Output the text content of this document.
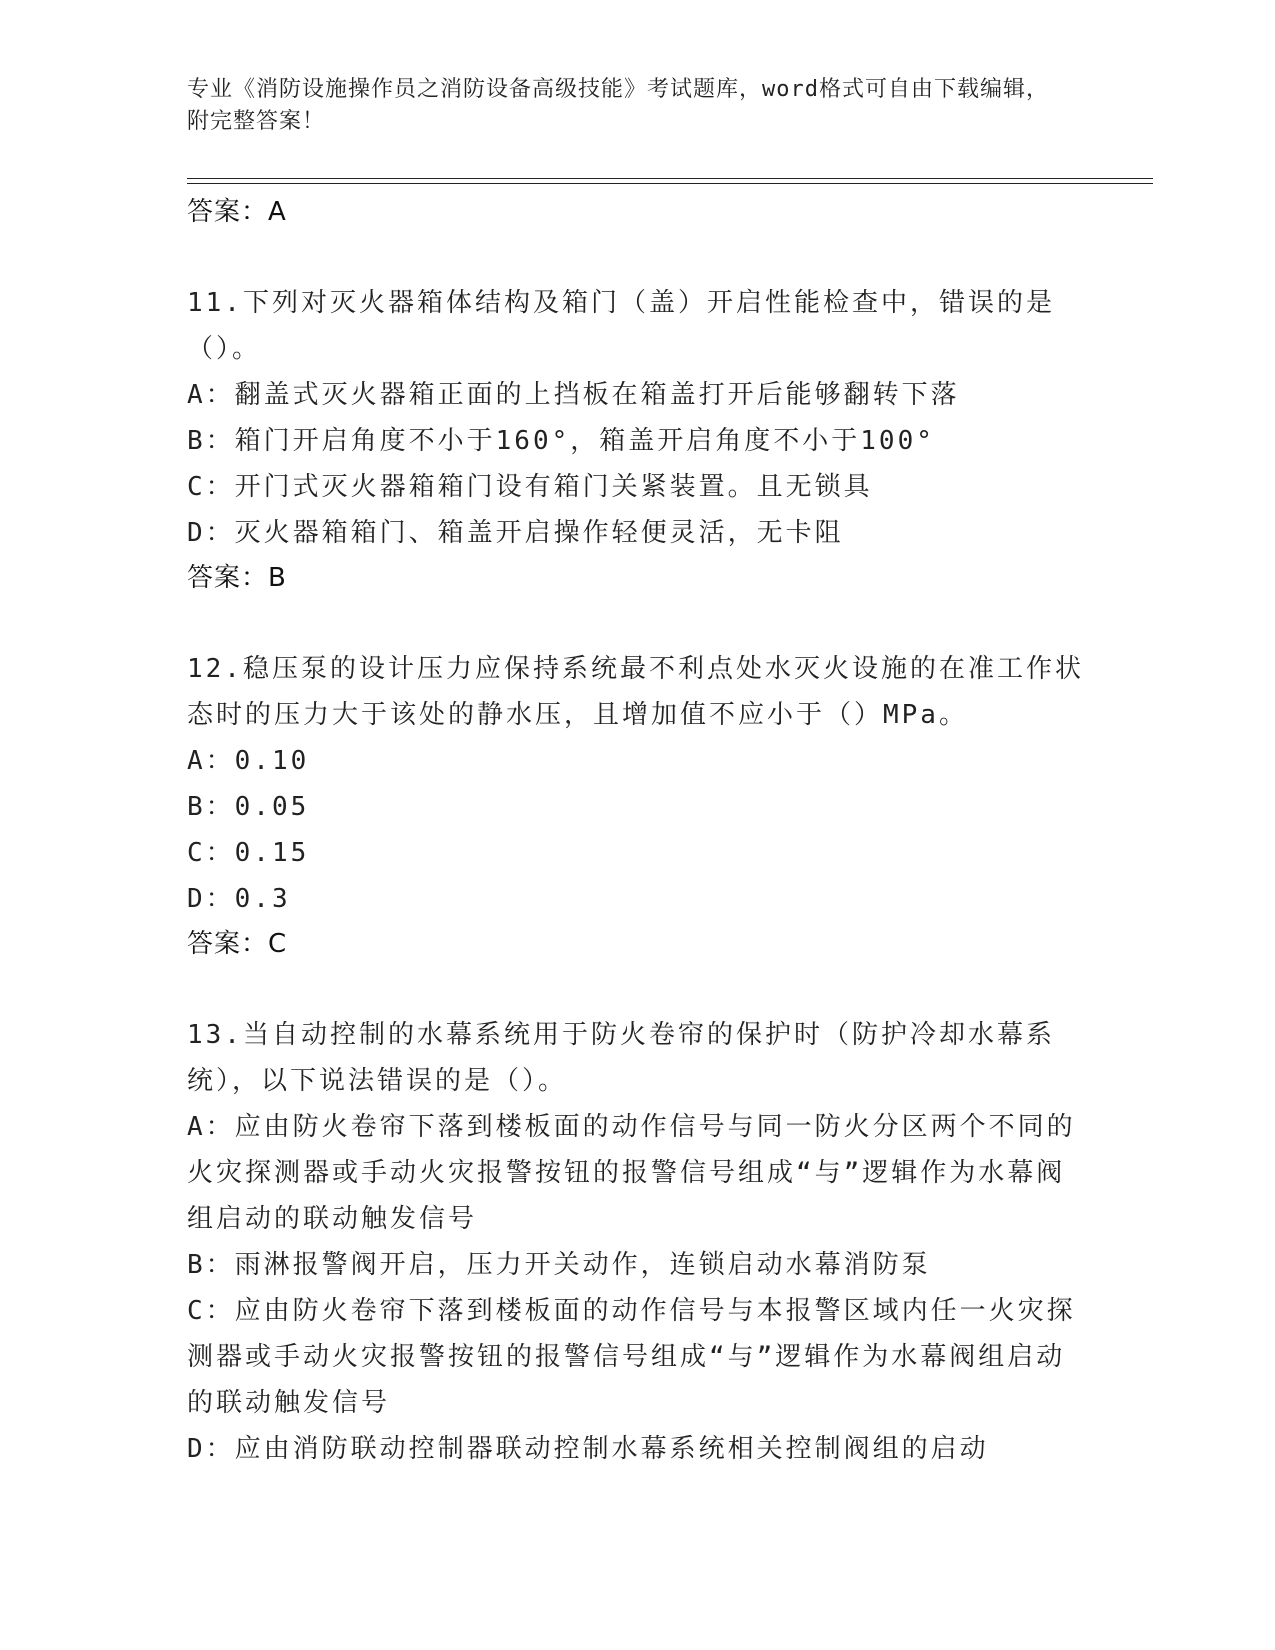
专业《消防设施操作员之消防设备高级技能》考试题库，word格式可自由下载编辑，附完整答案！
答案：A

11.下列对灭火器箱体结构及箱门（盖）开启性能检查中，错误的是（）。

A：翻盖式灭火器箱正面的上挡板在箱盖打开后能够翻转下落

B：箱门开启角度不小于160°，箱盖开启角度不小于100°

C：开门式灭火器箱箱门设有箱门关紧装置。且无锁具

D：灭火器箱箱门、箱盖开启操作轻便灵活，无卡阻

答案：B

12.稳压泵的设计压力应保持系统最不利点处水灭火设施的在准工作状态时的压力大于该处的静水压，且增加值不应小于（）MPa。

A：0.10

B：0.05

C：0.15

D：0.3

答案：C

13.当自动控制的水幕系统用于防火卷帘的保护时（防护冷却水幕系统），以下说法错误的是（）。

A：应由防火卷帘下落到楼板面的动作信号与同一防火分区两个不同的火灾探测器或手动火灾报警按钮的报警信号组成“与”逻辑作为水幕阀组启动的联动触发信号

B：雨淋报警阀开启，压力开关动作，连锁启动水幕消防泵

C：应由防火卷帘下落到楼板面的动作信号与本报警区域内任一火灾探测器或手动火灾报警按钮的报警信号组成“与”逻辑作为水幕阀组启动的联动触发信号

D：应由消防联动控制器联动控制水幕系统相关控制阀组的启动
